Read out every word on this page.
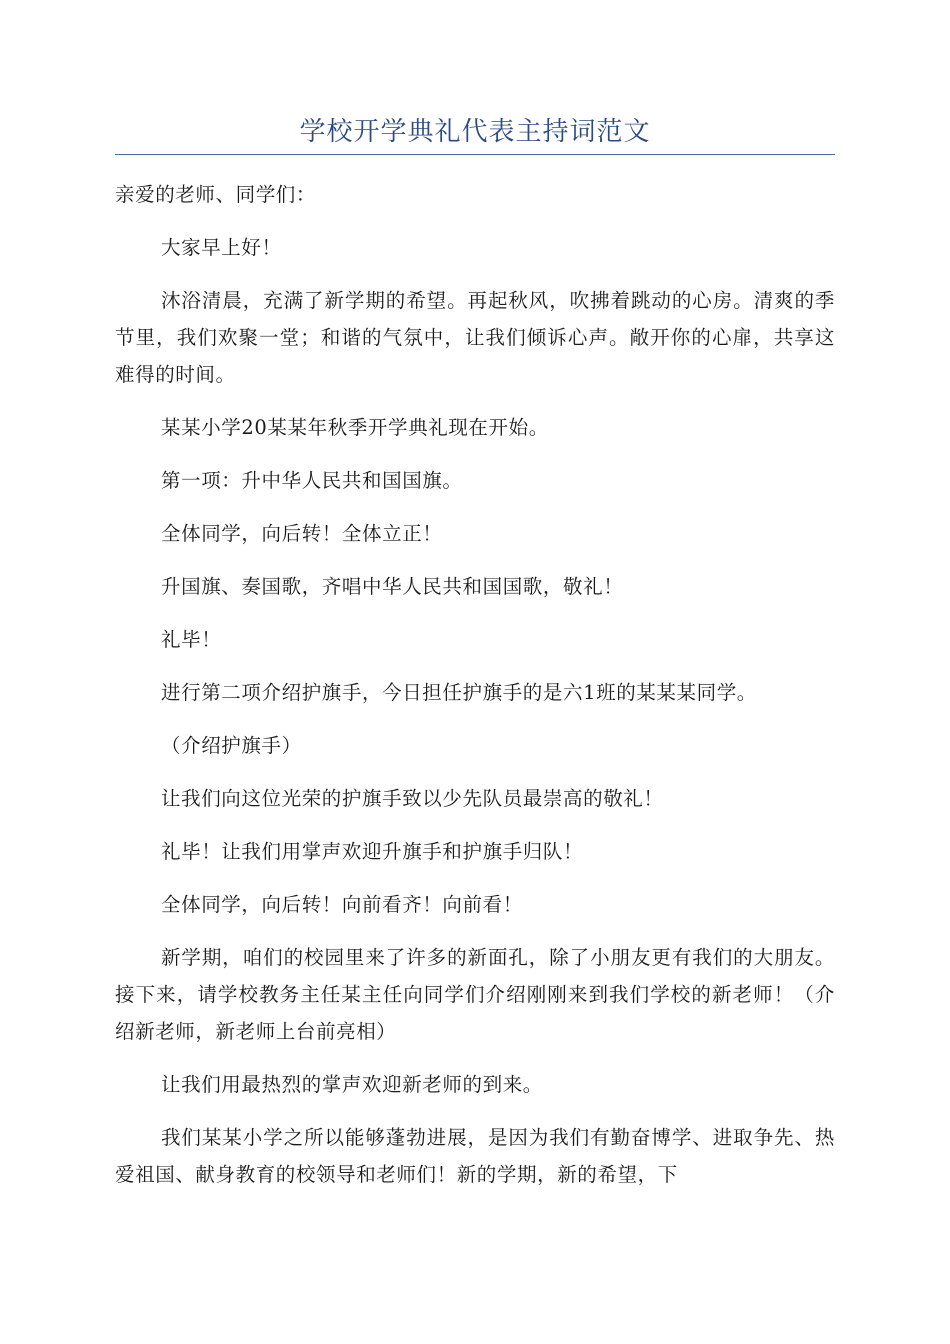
学校开学典礼代表主持词范文

亲爱的老师、同学们：

大家早上好！

沐浴清晨，充满了新学期的希望。再起秋风，吹拂着跳动的心房。清爽的季节里，我们欢聚一堂；和谐的气氛中，让我们倾诉心声。敞开你的心扉，共享这难得的时间。

某某小学20某某年秋季开学典礼现在开始。

第一项：升中华人民共和国国旗。

全体同学，向后转！全体立正！

升国旗、奏国歌，齐唱中华人民共和国国歌，敬礼！

礼毕！

进行第二项介绍护旗手，今日担任护旗手的是六1班的某某某同学。

（介绍护旗手）

让我们向这位光荣的护旗手致以少先队员最崇高的敬礼！

礼毕！让我们用掌声欢迎升旗手和护旗手归队！

全体同学，向后转！向前看齐！向前看！

新学期，咱们的校园里来了许多的新面孔，除了小朋友更有我们的大朋友。接下来，请学校教务主任某主任向同学们介绍刚刚来到我们学校的新老师！（介绍新老师，新老师上台前亮相）

让我们用最热烈的掌声欢迎新老师的到来。

我们某某小学之所以能够蓬勃进展，是因为我们有勤奋博学、进取争先、热爱祖国、献身教育的校领导和老师们！新的学期，新的希望，下
